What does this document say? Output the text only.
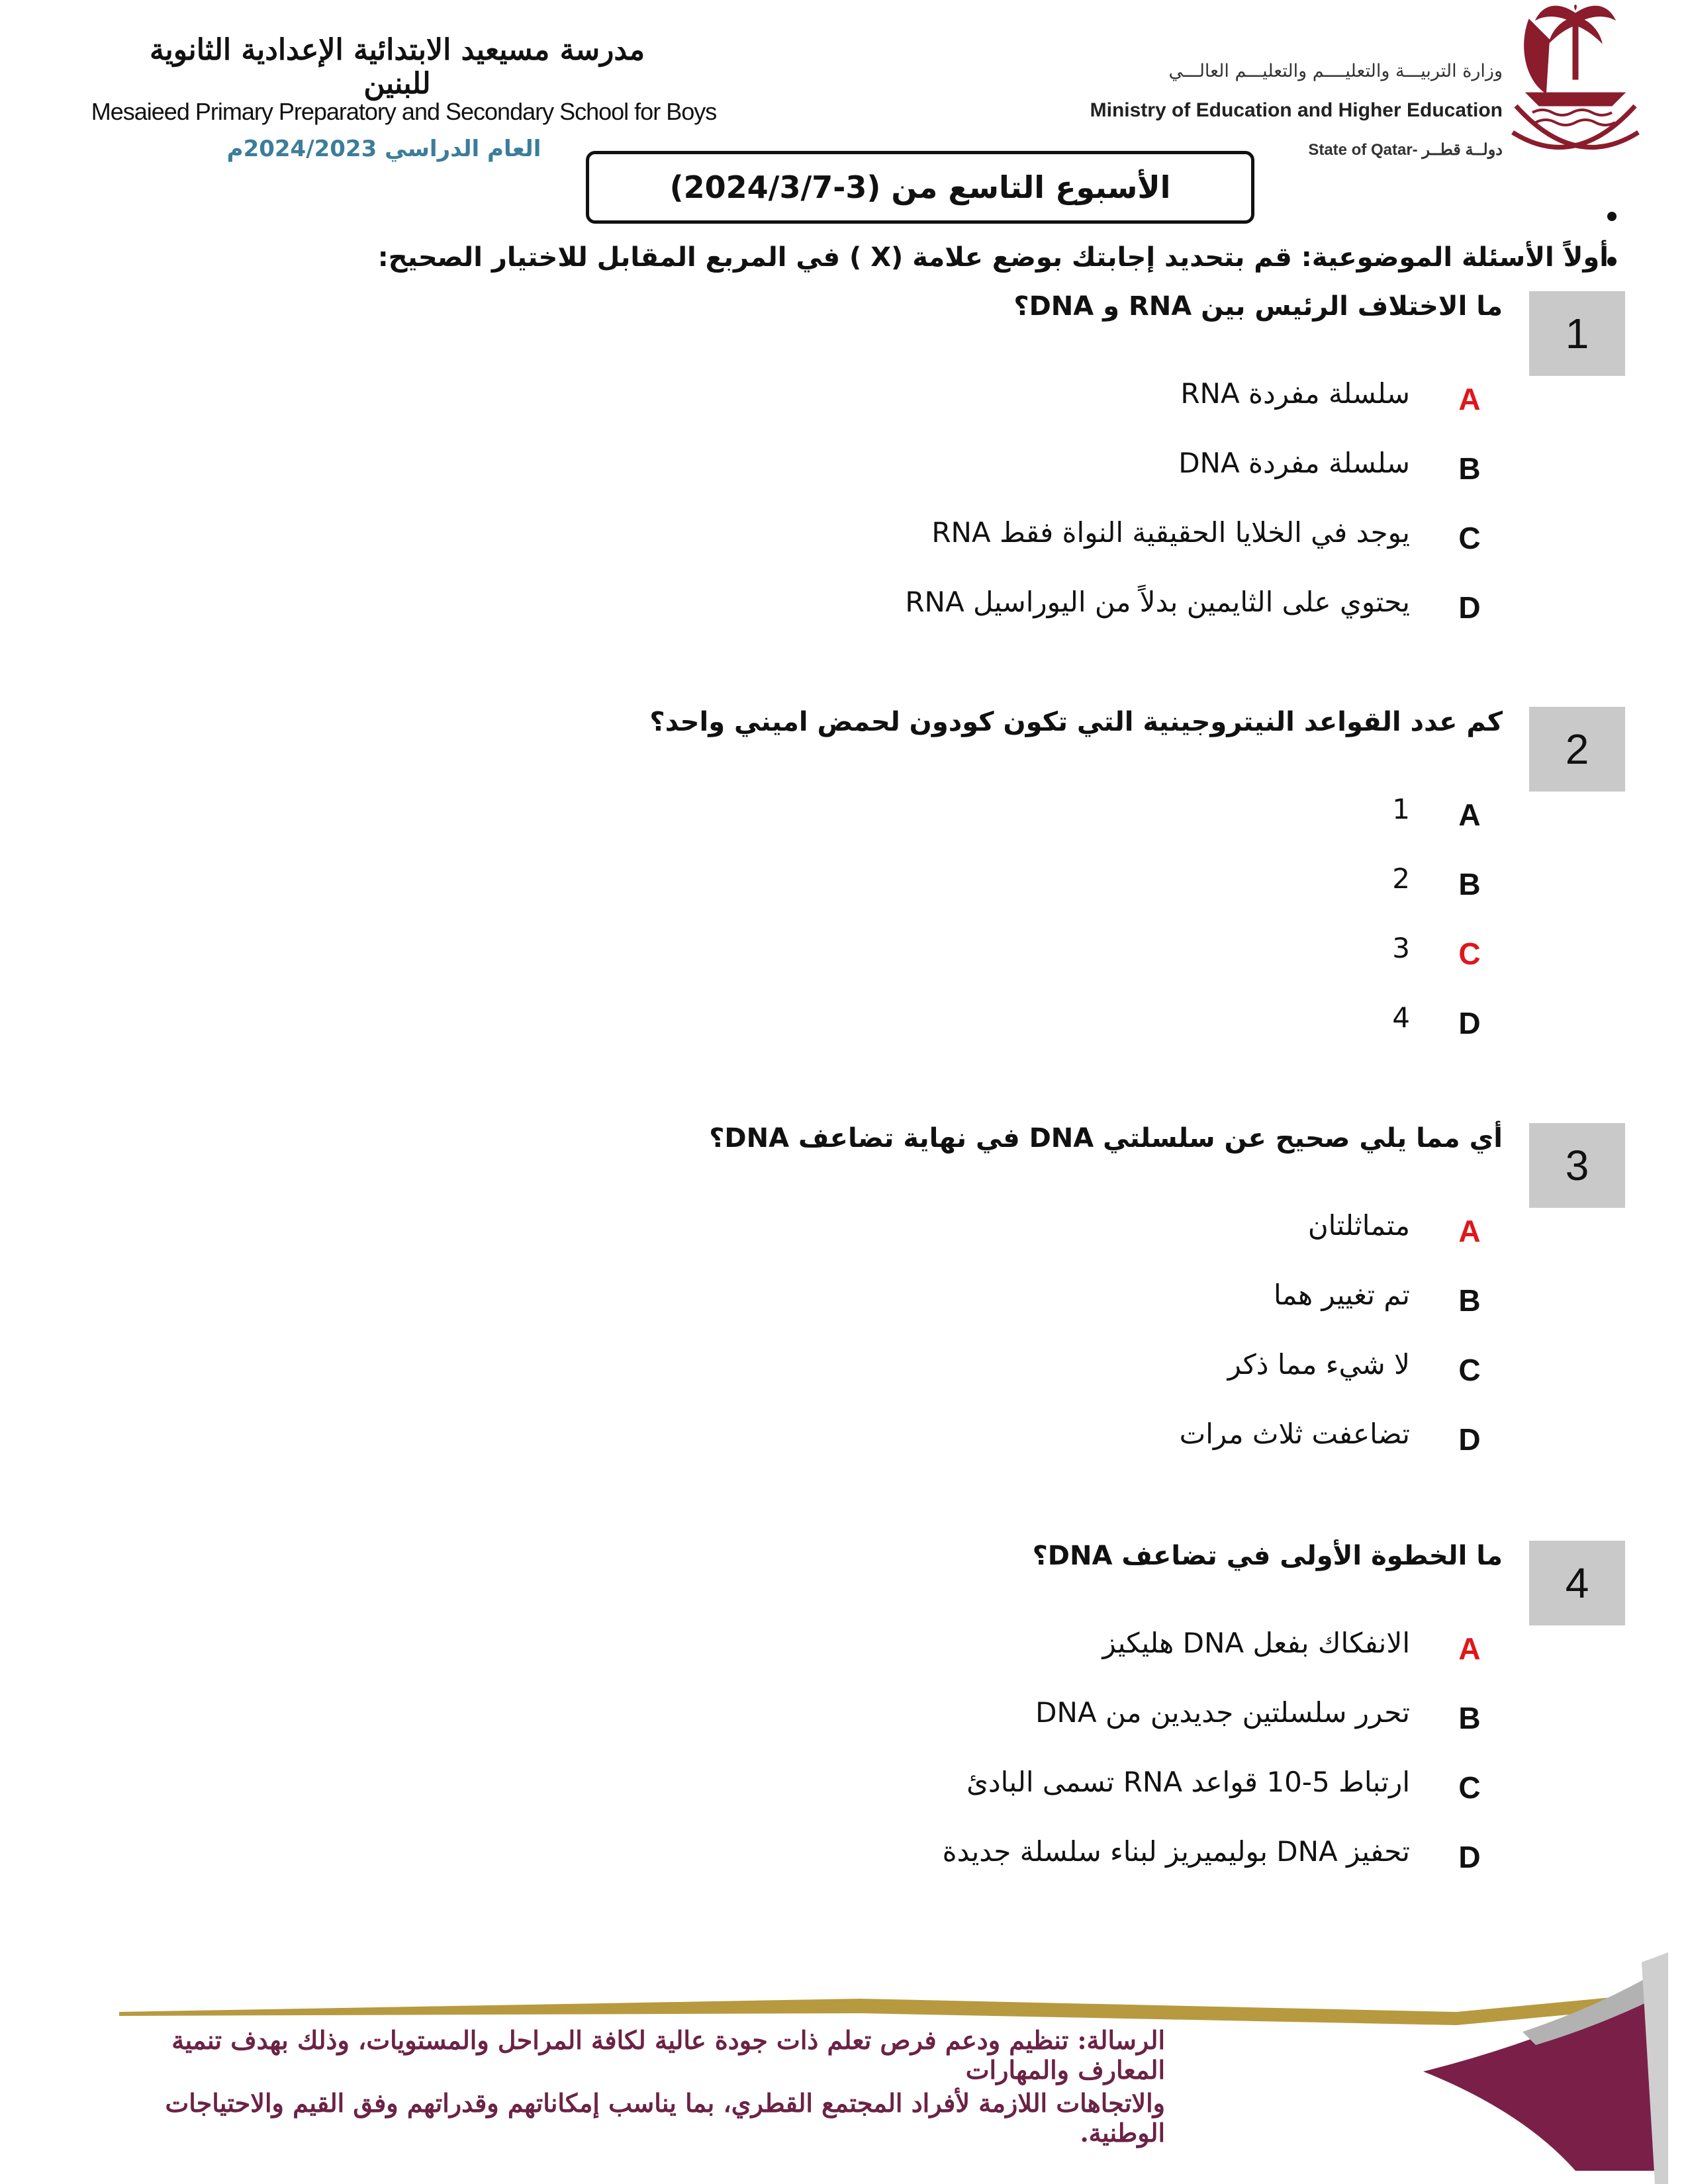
وزارة التربيـــة والتعليــــم والتعليـــم العالـــي
Ministry of Education and Higher Education
State of Qatar- دولــة قطــر
مدرسة مسيعيد الابتدائية الإعدادية الثانوية للبنين
Mesaieed Primary Preparatory and Secondary School for Boys
العام الدراسي 2024/2023م
الأسبوع التاسع من (3-2024/3/7)
أولاً الأسئلة الموضوعية: قم بتحديد إجابتك بوضع علامة (X ) في المربع المقابل للاختيار الصحيح:
1
ما الاختلاف الرئيس بين RNA و DNA؟
A
RNA سلسلة مفردة
B
DNA سلسلة مفردة
C
RNA يوجد في الخلايا الحقيقية النواة فقط
D
RNA يحتوي على الثايمين بدلاً من اليوراسيل
2
كم عدد القواعد النيتروجينية التي تكون كودون لحمض اميني واحد؟
A
1
B
2
C
3
D
4
3
أي مما يلي صحيح عن سلسلتي DNA في نهاية تضاعف DNA؟
A
متماثلتان
B
تم تغيير هما
C
لا شيء مما ذكر
D
تضاعفت ثلاث مرات
4
ما الخطوة الأولى في تضاعف DNA؟
A
الانفكاك بفعل DNA هليكيز
B
تحرر سلسلتين جديدين من DNA
C
ارتباط 5-10 قواعد RNA تسمى البادئ
D
تحفيز DNA بوليميريز لبناء سلسلة جديدة
الرسالة: تنظيم ودعم فرص تعلم ذات جودة عالية لكافة المراحل والمستويات، وذلك بهدف تنمية المعارف والمهارات
والاتجاهات اللازمة لأفراد المجتمع القطري، بما يناسب إمكاناتهم وقدراتهم وفق القيم والاحتياجات الوطنية.
